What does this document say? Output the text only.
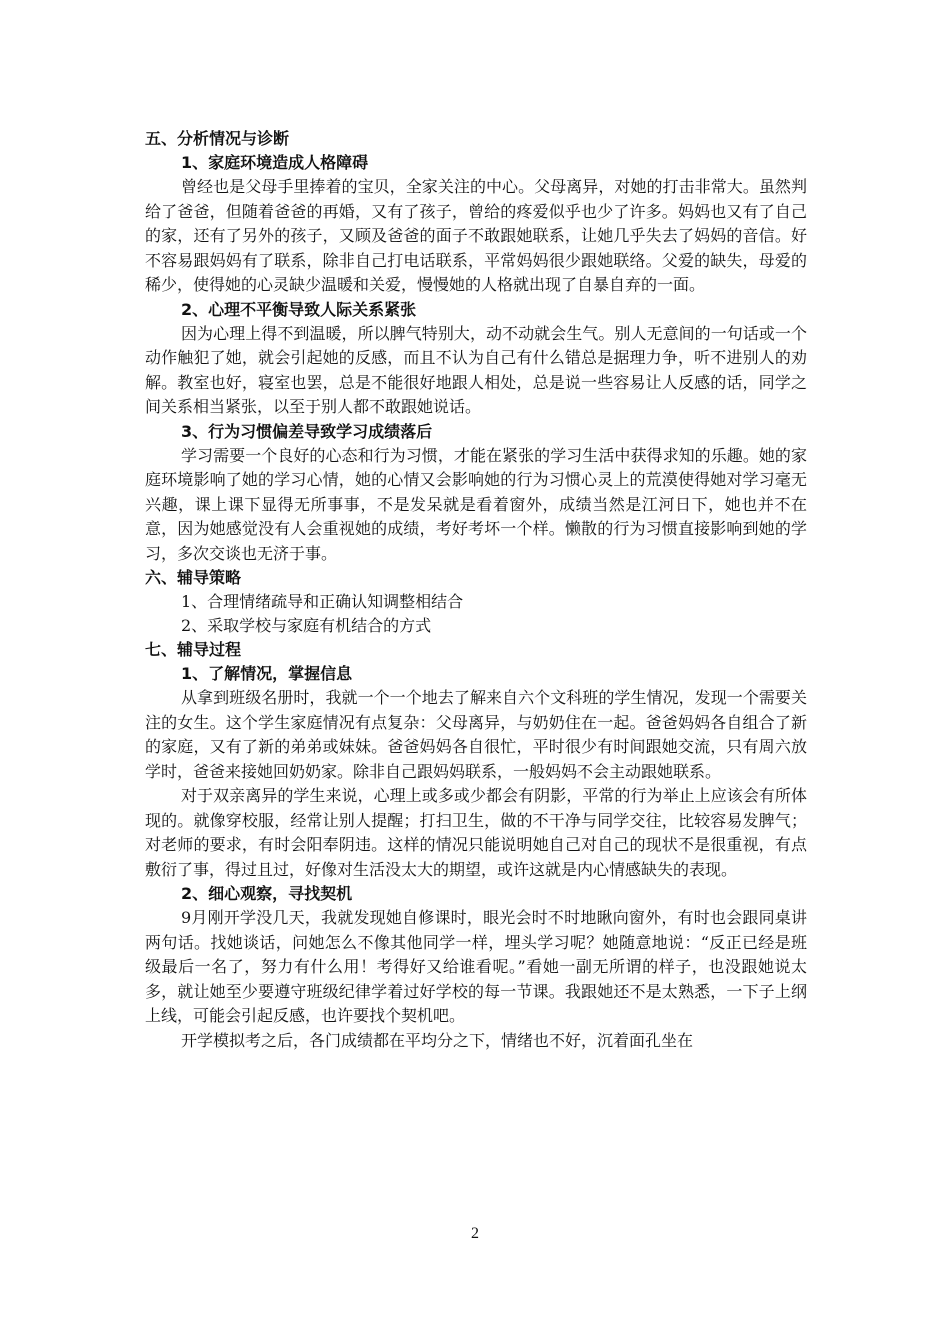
五、分析情况与诊断
1、家庭环境造成人格障碍
曾经也是父母手里捧着的宝贝，全家关注的中心。父母离异，对她的打击非常大。虽然判给了爸爸，但随着爸爸的再婚，又有了孩子，曾给的疼爱似乎也少了许多。妈妈也又有了自己的家，还有了另外的孩子，又顾及爸爸的面子不敢跟她联系，让她几乎失去了妈妈的音信。好不容易跟妈妈有了联系，除非自己打电话联系，平常妈妈很少跟她联络。父爱的缺失，母爱的稀少，使得她的心灵缺少温暖和关爱，慢慢她的人格就出现了自暴自弃的一面。
2、心理不平衡导致人际关系紧张
因为心理上得不到温暖，所以脾气特别大，动不动就会生气。别人无意间的一句话或一个动作触犯了她，就会引起她的反感，而且不认为自己有什么错总是据理力争，听不进别人的劝解。教室也好，寝室也罢，总是不能很好地跟人相处，总是说一些容易让人反感的话，同学之间关系相当紧张，以至于别人都不敢跟她说话。
3、行为习惯偏差导致学习成绩落后
学习需要一个良好的心态和行为习惯，才能在紧张的学习生活中获得求知的乐趣。她的家庭环境影响了她的学习心情，她的心情又会影响她的行为习惯心灵上的荒漠使得她对学习毫无兴趣，课上课下显得无所事事，不是发呆就是看着窗外，成绩当然是江河日下，她也并不在意，因为她感觉没有人会重视她的成绩，考好考坏一个样。懒散的行为习惯直接影响到她的学习，多次交谈也无济于事。
六、辅导策略
1、合理情绪疏导和正确认知调整相结合
2、采取学校与家庭有机结合的方式
七、辅导过程
1、了解情况，掌握信息
从拿到班级名册时，我就一个一个地去了解来自六个文科班的学生情况，发现一个需要关注的女生。这个学生家庭情况有点复杂：父母离异，与奶奶住在一起。爸爸妈妈各自组合了新的家庭，又有了新的弟弟或妹妹。爸爸妈妈各自很忙，平时很少有时间跟她交流，只有周六放学时，爸爸来接她回奶奶家。除非自己跟妈妈联系，一般妈妈不会主动跟她联系。
对于双亲离异的学生来说，心理上或多或少都会有阴影，平常的行为举止上应该会有所体现的。就像穿校服，经常让别人提醒；打扫卫生，做的不干净与同学交往，比较容易发脾气；对老师的要求，有时会阳奉阴违。这样的情况只能说明她自己对自己的现状不是很重视，有点敷衍了事，得过且过，好像对生活没太大的期望，或许这就是内心情感缺失的表现。
2、细心观察，寻找契机
9月刚开学没几天，我就发现她自修课时，眼光会时不时地瞅向窗外，有时也会跟同桌讲两句话。找她谈话，问她怎么不像其他同学一样，埋头学习呢？她随意地说：“反正已经是班级最后一名了，努力有什么用！考得好又给谁看呢。”看她一副无所谓的样子，也没跟她说太多，就让她至少要遵守班级纪律学着过好学校的每一节课。我跟她还不是太熟悉，一下子上纲上线，可能会引起反感，也许要找个契机吧。
开学模拟考之后，各门成绩都在平均分之下，情绪也不好，沉着面孔坐在
2
